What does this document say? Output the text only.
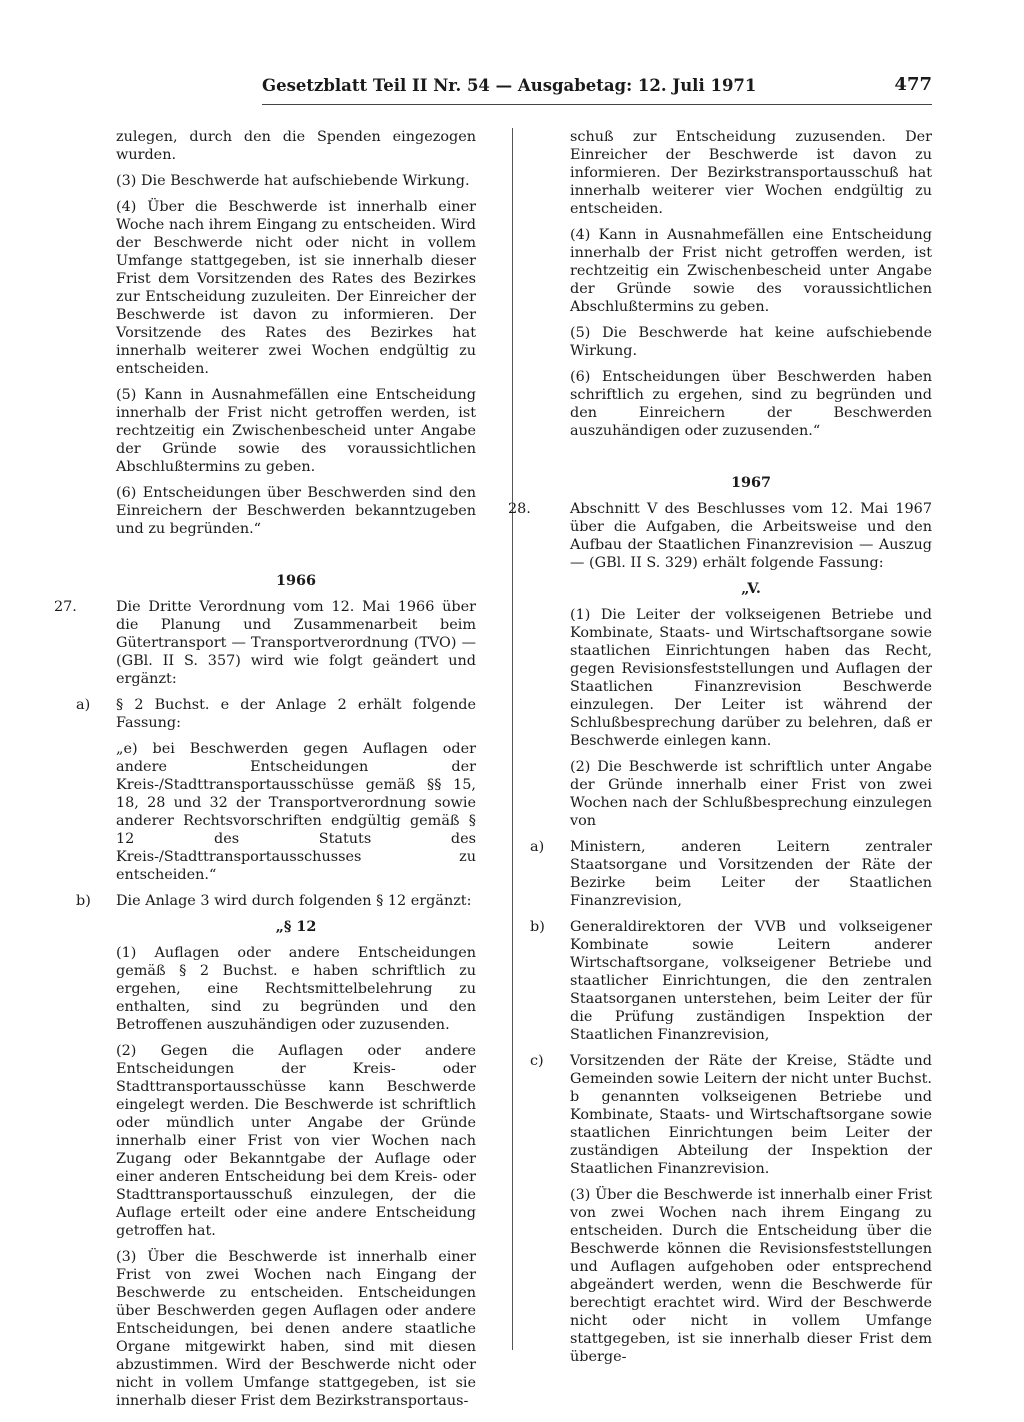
Gesetzblatt Teil II Nr. 54 — Ausgabetag: 12. Juli 1971	477

zulegen, durch den die Spenden eingezogen wurden.

(3) Die Beschwerde hat aufschiebende Wirkung.

(4) Über die Beschwerde ist innerhalb einer Woche nach ihrem Eingang zu entscheiden. Wird der Beschwerde nicht oder nicht in vollem Umfange stattgegeben, ist sie innerhalb dieser Frist dem Vorsitzenden des Rates des Bezirkes zur Entscheidung zuzuleiten. Der Einreicher der Beschwerde ist davon zu informieren. Der Vorsitzende des Rates des Bezirkes hat innerhalb weiterer zwei Wochen endgültig zu entscheiden.

(5) Kann in Ausnahmefällen eine Entscheidung innerhalb der Frist nicht getroffen werden, ist rechtzeitig ein Zwischenbescheid unter Angabe der Gründe sowie des voraussichtlichen Abschlußtermins zu geben.

(6) Entscheidungen über Beschwerden sind den Einreichern der Beschwerden bekanntzugeben und zu begründen.“

1966

27.	Die Dritte Verordnung vom 12. Mai 1966 über die Planung und Zusammenarbeit beim Gütertransport — Transportverordnung (TVO) — (GBl. II S. 357) wird wie folgt geändert und ergänzt:

a) § 2 Buchst. e der Anlage 2 erhält folgende Fassung:

„e) bei Beschwerden gegen Auflagen oder andere Entscheidungen der Kreis-/Stadttransportausschüsse gemäß §§ 15, 18, 28 und 32 der Transportverordnung sowie anderer Rechtsvorschriften endgültig gemäß § 12 des Statuts des Kreis-/Stadttransportausschusses zu entscheiden.“

b) Die Anlage 3 wird durch folgenden § 12 ergänzt:

„§ 12

(1) Auflagen oder andere Entscheidungen gemäß § 2 Buchst. e haben schriftlich zu ergehen, eine Rechtsmittelbelehrung zu enthalten, sind zu begründen und den Betroffenen auszuhändigen oder zuzusenden.

(2) Gegen die Auflagen oder andere Entscheidungen der Kreis- oder Stadttransportausschüsse kann Beschwerde eingelegt werden. Die Beschwerde ist schriftlich oder mündlich unter Angabe der Gründe innerhalb einer Frist von vier Wochen nach Zugang oder Bekanntgabe der Auflage oder einer anderen Entscheidung bei dem Kreis- oder Stadttransportausschuß einzulegen, der die Auflage erteilt oder eine andere Entscheidung getroffen hat.

(3) Über die Beschwerde ist innerhalb einer Frist von zwei Wochen nach Eingang der Beschwerde zu entscheiden. Entscheidungen über Beschwerden gegen Auflagen oder andere Entscheidungen, bei denen andere staatliche Organe mitgewirkt haben, sind mit diesen abzustimmen. Wird der Beschwerde nicht oder nicht in vollem Umfange stattgegeben, ist sie innerhalb dieser Frist dem Bezirkstransportaus-

schuß zur Entscheidung zuzusenden. Der Einreicher der Beschwerde ist davon zu informieren. Der Bezirkstransportausschuß hat innerhalb weiterer vier Wochen endgültig zu entscheiden.

(4) Kann in Ausnahmefällen eine Entscheidung innerhalb der Frist nicht getroffen werden, ist rechtzeitig ein Zwischenbescheid unter Angabe der Gründe sowie des voraussichtlichen Abschlußtermins zu geben.

(5) Die Beschwerde hat keine aufschiebende Wirkung.

(6) Entscheidungen über Beschwerden haben schriftlich zu ergehen, sind zu begründen und den Einreichern der Beschwerden auszuhändigen oder zuzusenden.“

1967

28.	Abschnitt V des Beschlusses vom 12. Mai 1967 über die Aufgaben, die Arbeitsweise und den Aufbau der Staatlichen Finanzrevision — Auszug — (GBl. II S. 329) erhält folgende Fassung:

„V.

(1) Die Leiter der volkseigenen Betriebe und Kombinate, Staats- und Wirtschaftsorgane sowie staatlichen Einrichtungen haben das Recht, gegen Revisionsfeststellungen und Auflagen der Staatlichen Finanzrevision Beschwerde einzulegen. Der Leiter ist während der Schlußbesprechung darüber zu belehren, daß er Beschwerde einlegen kann.

(2) Die Beschwerde ist schriftlich unter Angabe der Gründe innerhalb einer Frist von zwei Wochen nach der Schlußbesprechung einzulegen von

a) Ministern, anderen Leitern zentraler Staatsorgane und Vorsitzenden der Räte der Bezirke beim Leiter der Staatlichen Finanzrevision,

b) Generaldirektoren der VVB und volkseigener Kombinate sowie Leitern anderer Wirtschaftsorgane, volkseigener Betriebe und staatlicher Einrichtungen, die den zentralen Staatsorganen unterstehen, beim Leiter der für die Prüfung zuständigen Inspektion der Staatlichen Finanzrevision,

c) Vorsitzenden der Räte der Kreise, Städte und Gemeinden sowie Leitern der nicht unter Buchst. b genannten volkseigenen Betriebe und Kombinate, Staats- und Wirtschaftsorgane sowie staatlichen Einrichtungen beim Leiter der zuständigen Abteilung der Inspektion der Staatlichen Finanzrevision.

(3) Über die Beschwerde ist innerhalb einer Frist von zwei Wochen nach ihrem Eingang zu entscheiden. Durch die Entscheidung über die Beschwerde können die Revisionsfeststellungen und Auflagen aufgehoben oder entsprechend abgeändert werden, wenn die Beschwerde für berechtigt erachtet wird. Wird der Beschwerde nicht oder nicht in vollem Umfange stattgegeben, ist sie innerhalb dieser Frist dem überge-
